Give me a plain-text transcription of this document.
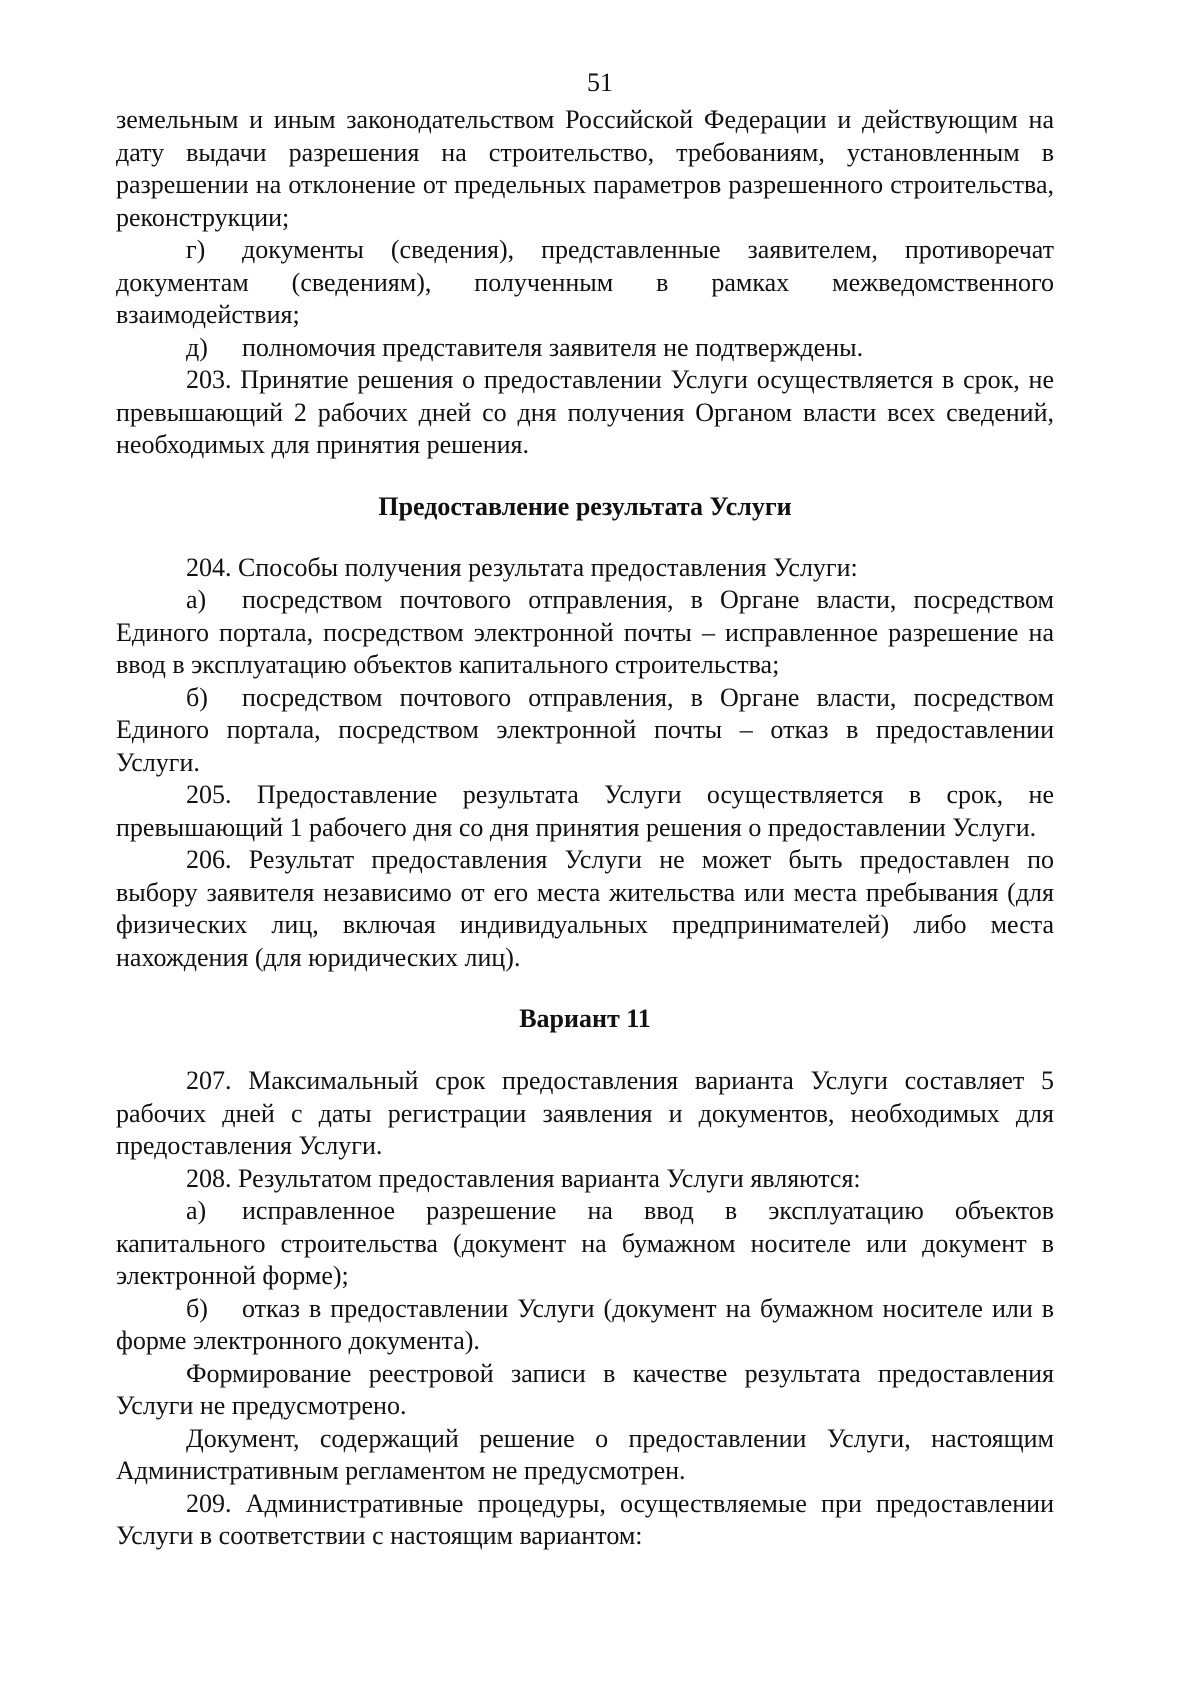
51

земельным и иным законодательством Российской Федерации и действующим на дату выдачи разрешения на строительство, требованиям, установленным в разрешении на отклонение от предельных параметров разрешенного строительства, реконструкции;

г) документы (сведения), представленные заявителем, противоречат документам (сведениям), полученным в рамках межведомственного взаимодействия;

д) полномочия представителя заявителя не подтверждены.

203. Принятие решения о предоставлении Услуги осуществляется в срок, не превышающий 2 рабочих дней со дня получения Органом власти всех сведений, необходимых для принятия решения.

Предоставление результата Услуги

204. Способы получения результата предоставления Услуги:

а) посредством почтового отправления, в Органе власти, посредством Единого портала, посредством электронной почты – исправленное разрешение на ввод в эксплуатацию объектов капитального строительства;

б) посредством почтового отправления, в Органе власти, посредством Единого портала, посредством электронной почты – отказ в предоставлении Услуги.

205. Предоставление результата Услуги осуществляется в срок, не превышающий 1 рабочего дня со дня принятия решения о предоставлении Услуги.

206. Результат предоставления Услуги не может быть предоставлен по выбору заявителя независимо от его места жительства или места пребывания (для физических лиц, включая индивидуальных предпринимателей) либо места нахождения (для юридических лиц).

Вариант 11

207. Максимальный срок предоставления варианта Услуги составляет 5 рабочих дней с даты регистрации заявления и документов, необходимых для предоставления Услуги.

208. Результатом предоставления варианта Услуги являются:

а) исправленное разрешение на ввод в эксплуатацию объектов капитального строительства (документ на бумажном носителе или документ в электронной форме);

б) отказ в предоставлении Услуги (документ на бумажном носителе или в форме электронного документа).

Формирование реестровой записи в качестве результата предоставления Услуги не предусмотрено.

Документ, содержащий решение о предоставлении Услуги, настоящим Административным регламентом не предусмотрен.

209. Административные процедуры, осуществляемые при предоставлении Услуги в соответствии с настоящим вариантом:
